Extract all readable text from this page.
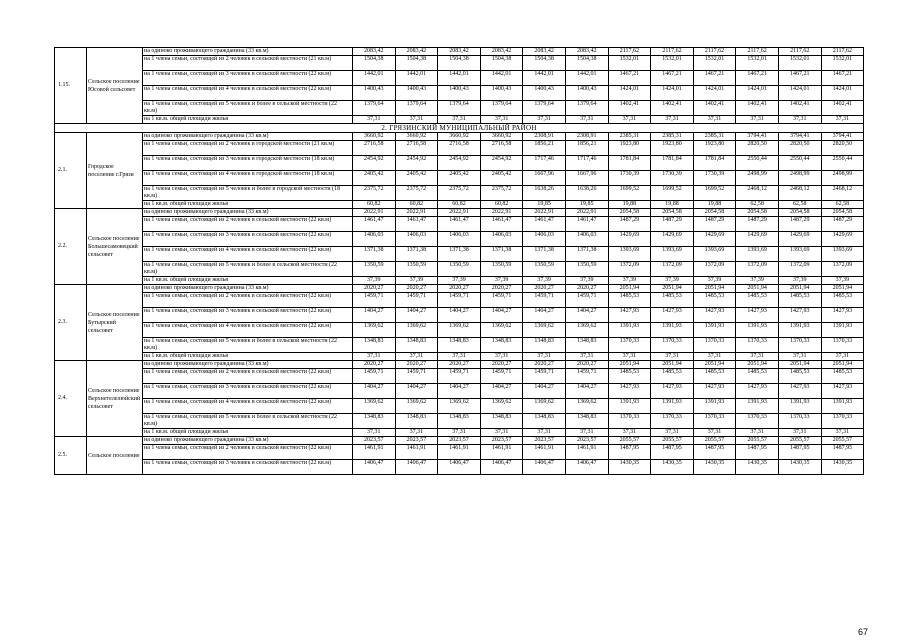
1.15.	Сельское поселение Юсовой сельсовет	на одиноко проживающего гражданина (33 кв.м)	2083,42	2083,42	2083,42	2083,42	2083,42	2083,42	2117,62	2117,62	2117,62	2117,62	2117,62	2117,62
		на 1 члена семьи, состоящей из 2 человек в сельской местности (21 кв.м)	1504,38	1504,38	1504,38	1504,38	1504,38	1504,38	1532,01	1532,01	1532,01	1532,01	1532,01	1532,01
		на 1 члена семьи, состоящей из 3 человек в сельской местности (22 кв.м)	1442,01	1442,01	1442,01	1442,01	1442,01	1442,01	1467,21	1467,21	1467,21	1467,21	1467,21	1467,21
		на 1 члена семьи, состоящей из 4 человек в сельской местности (22 кв.м)	1400,43	1400,43	1400,43	1400,43	1400,43	1400,43	1424,01	1424,01	1424,01	1424,01	1424,01	1424,01
		на 1 члена семьи, состоящей из 5 человек и более в сельской местности (22 кв.м)	1379,64	1379,64	1379,64	1379,64	1379,64	1379,64	1402,41	1402,41	1402,41	1402,41	1402,41	1402,41
		на 1 кв.м. общей площади жилья	37,31	37,31	37,31	37,31	37,31	37,31	37,31	37,31	37,31	37,31	37,31	37,31
2. ГРЯЗИНСКИЙ МУНИЦИПАЛЬНЫЙ РАЙОН														
2.1.	Городское поселение г.Грязи	на одиноко проживающего гражданина (33 кв.м)	3660,92	3660,92	3660,92	3660,92	2308,91	2308,91	2385,31	2385,31	2385,31	3794,41	3794,41	3794,41
		на 1 члена семьи, состоящей из 2 человек в городской местности (21 кв.м)	2716,58	2716,58	2716,58	2716,58	1856,21	1856,21	1923,80	1923,80	1923,80	2820,50	2820,50	2820,50
		на 1 члена семьи, состоящей из 3 человек в городской местности (18 кв.м)	2454,92	2454,92	2454,92	2454,92	1717,46	1717,46	1781,84	1781,84	1781,84	2550,44	2550,44	2550,44
		на 1 члена семьи, состоящей из 4 человек в городской местности (18 кв.м)	2405,42	2405,42	2405,42	2405,42	1667,96	1667,96	1730,39	1730,39	1730,39	2498,99	2498,99	2498,99
		на 1 члена семьи, состоящей из 5 человек и более в городской местности (18 кв.м)	2375,72	2375,72	2375,72	2375,72	1638,26	1638,26	1699,52	1699,52	1699,52	2468,12	2468,12	2468,12
		на 1 кв.м. общей площади жилья	60,82	60,82	60,82	60,82	19,85	19,85	19,88	19,88	19,88	62,58	62,58	62,58
2.2.	Сельское поселение Большесамовецкий сельсовет	на одиноко проживающего гражданина (33 кв.м)	2022,91	2022,91	2022,91	2022,91	2022,91	2022,91	2054,58	2054,58	2054,58	2054,58	2054,58	2054,58
		на 1 члена семьи, состоящей из 2 человек в сельской местности (22 кв.м)	1461,47	1461,47	1461,47	1461,47	1461,47	1461,47	1487,29	1487,29	1487,29	1487,29	1487,29	1487,29
		на 1 члена семьи, состоящей из 3 человек в сельской местности (22 кв.м)	1406,03	1406,03	1406,03	1406,03	1406,03	1406,03	1429,69	1429,69	1429,69	1429,69	1429,69	1429,69
		на 1 члена семьи, состоящей из 4 человек в сельской местности (22 кв.м)	1371,38	1371,38	1371,38	1371,38	1371,38	1371,38	1393,69	1393,69	1393,69	1393,69	1393,69	1393,69
		на 1 члена семьи, состоящей из 5 человек и более в сельской местности (22 кв.м)	1350,59	1350,59	1350,59	1350,59	1350,59	1350,59	1372,09	1372,09	1372,09	1372,09	1372,09	1372,09
		на 1 кв.м. общей площади жилья	37,39	37,39	37,39	37,39	37,39	37,39	37,39	37,39	37,39	37,39	37,39	37,39
2.3.	Сельское поселение Бутырский сельсовет	на одиноко проживающего гражданина (33 кв.м)	2020,27	2020,27	2020,27	2020,27	2020,27	2020,27	2051,94	2051,94	2051,94	2051,94	2051,94	2051,94
		на 1 члена семьи, состоящей из 2 человек в сельской местности (22 кв.м)	1459,71	1459,71	1459,71	1459,71	1459,71	1459,71	1485,53	1485,53	1485,53	1485,53	1485,53	1485,53
		на 1 члена семьи, состоящей из 3 человек в сельской местности (22 кв.м)	1404,27	1404,27	1404,27	1404,27	1404,27	1404,27	1427,93	1427,93	1427,93	1427,93	1427,93	1427,93
		на 1 члена семьи, состоящей из 4 человек в сельской местности (22 кв.м)	1369,62	1369,62	1369,62	1369,62	1369,62	1369,62	1391,93	1391,93	1391,93	1391,93	1391,93	1391,93
		на 1 члена семьи, состоящей из 5 человек и более в сельской местности (22 кв.м)	1348,83	1348,83	1348,83	1348,83	1348,83	1348,83	1370,33	1370,33	1370,33	1370,33	1370,33	1370,33
		на 1 кв.м. общей площади жилья	37,31	37,31	37,31	37,31	37,31	37,31	37,31	37,31	37,31	37,31	37,31	37,31
2.4.	Сельское поселение Верхнетелелюйский сельсовет	на одиноко проживающего гражданина (33 кв.м)	2020,27	2020,27	2020,27	2020,27	2020,27	2020,27	2051,94	2051,94	2051,94	2051,94	2051,94	2051,94
		на 1 члена семьи, состоящей из 2 человек в сельской местности (22 кв.м)	1459,71	1459,71	1459,71	1459,71	1459,71	1459,71	1485,53	1485,53	1485,53	1485,53	1485,53	1485,53
		на 1 члена семьи, состоящей из 3 человек в сельской местности (22 кв.м)	1404,27	1404,27	1404,27	1404,27	1404,27	1404,27	1427,93	1427,93	1427,93	1427,93	1427,93	1427,93
		на 1 члена семьи, состоящей из 4 человек в сельской местности (22 кв.м)	1369,62	1369,62	1369,62	1369,62	1369,62	1369,62	1391,93	1391,93	1391,93	1391,93	1391,93	1391,93
		на 1 члена семьи, состоящей из 5 человек и более в сельской местности (22 кв.м)	1348,83	1348,83	1348,83	1348,83	1348,83	1348,83	1370,33	1370,33	1370,33	1370,33	1370,33	1370,33
		на 1 кв.м. общей площади жилья	37,31	37,31	37,31	37,31	37,31	37,31	37,31	37,31	37,31	37,31	37,31	37,31
2.5.	Сельское поселение	на одиноко проживающего гражданина (33 кв.м)	2023,57	2023,57	2023,57	2023,57	2023,57	2023,57	2055,57	2055,57	2055,57	2055,57	2055,57	2055,57
		на 1 члена семьи, состоящей из 2 человек в сельской местности (22 кв.м)	1461,91	1461,91	1461,91	1461,91	1461,91	1461,91	1487,95	1487,95	1487,95	1487,95	1487,95	1487,95
		на 1 члена семьи, состоящей из 3 человек в сельской местности (22 кв.м)	1406,47	1406,47	1406,47	1406,47	1406,47	1406,47	1430,35	1430,35	1430,35	1430,35	1430,35	1430,35
67
